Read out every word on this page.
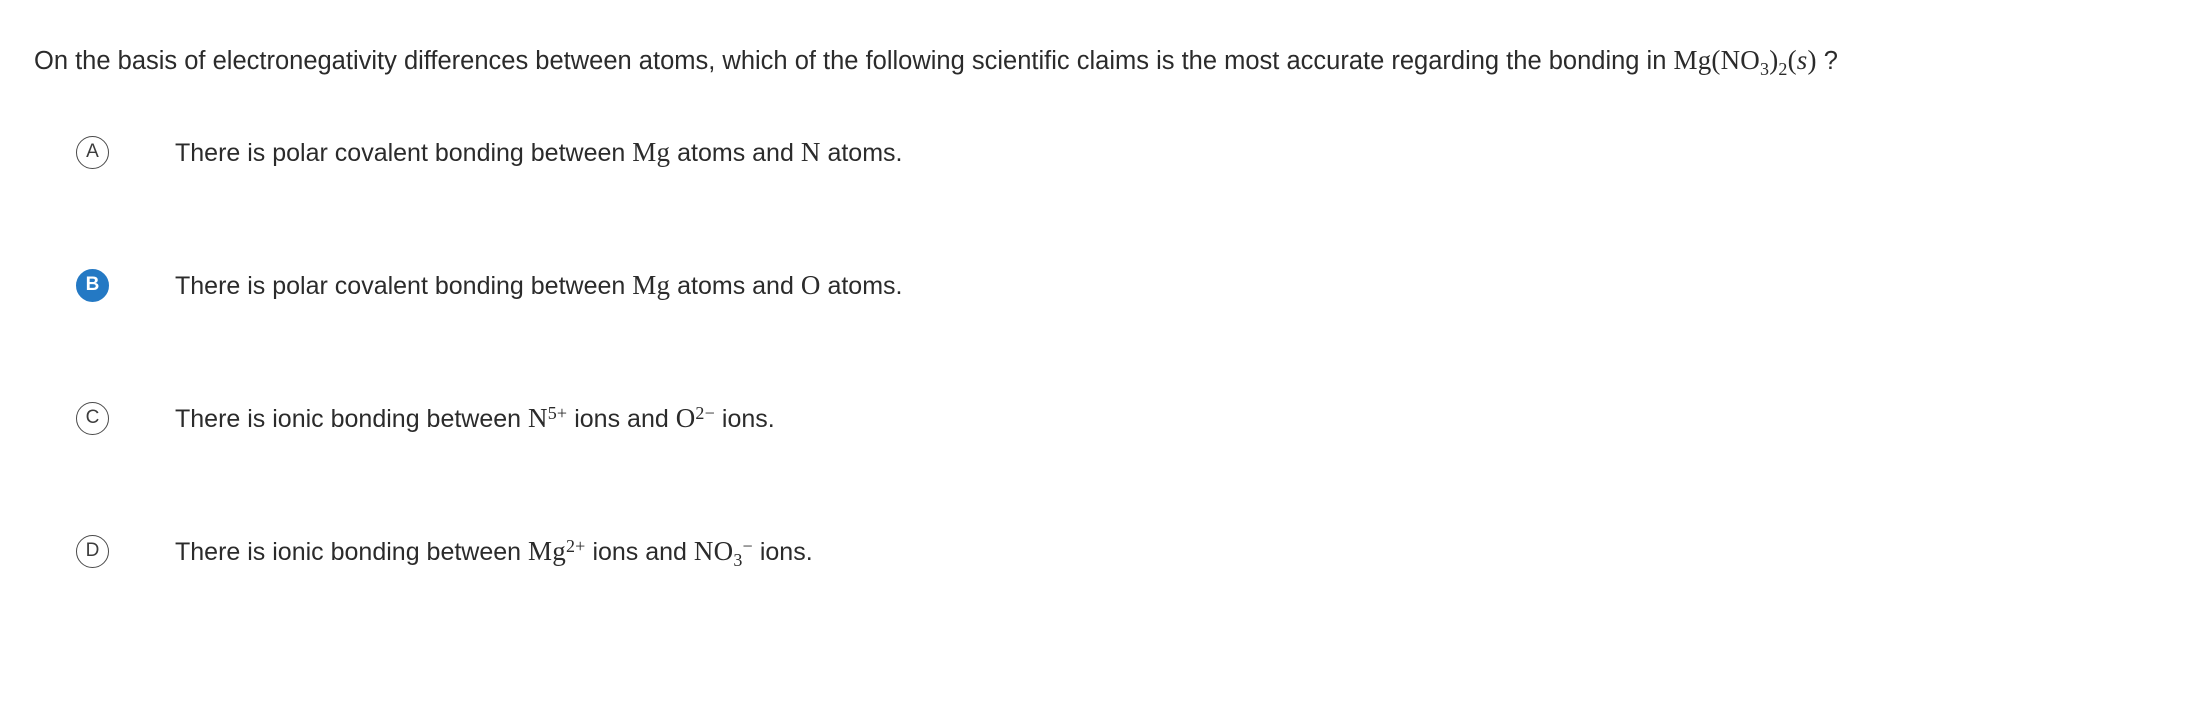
On the basis of electronegativity differences between atoms, which of the following scientific claims is the most accurate regarding the bonding in $Mg(NO_3)_2(s)$ ?
A	There is polar covalent bonding between Mg atoms and N atoms.
B	There is polar covalent bonding between Mg atoms and O atoms.
C	There is ionic bonding between $N^{5+}$ ions and $O^{2-}$ ions.
D	There is ionic bonding between $Mg^{2+}$ ions and $NO_3^-$ ions.
